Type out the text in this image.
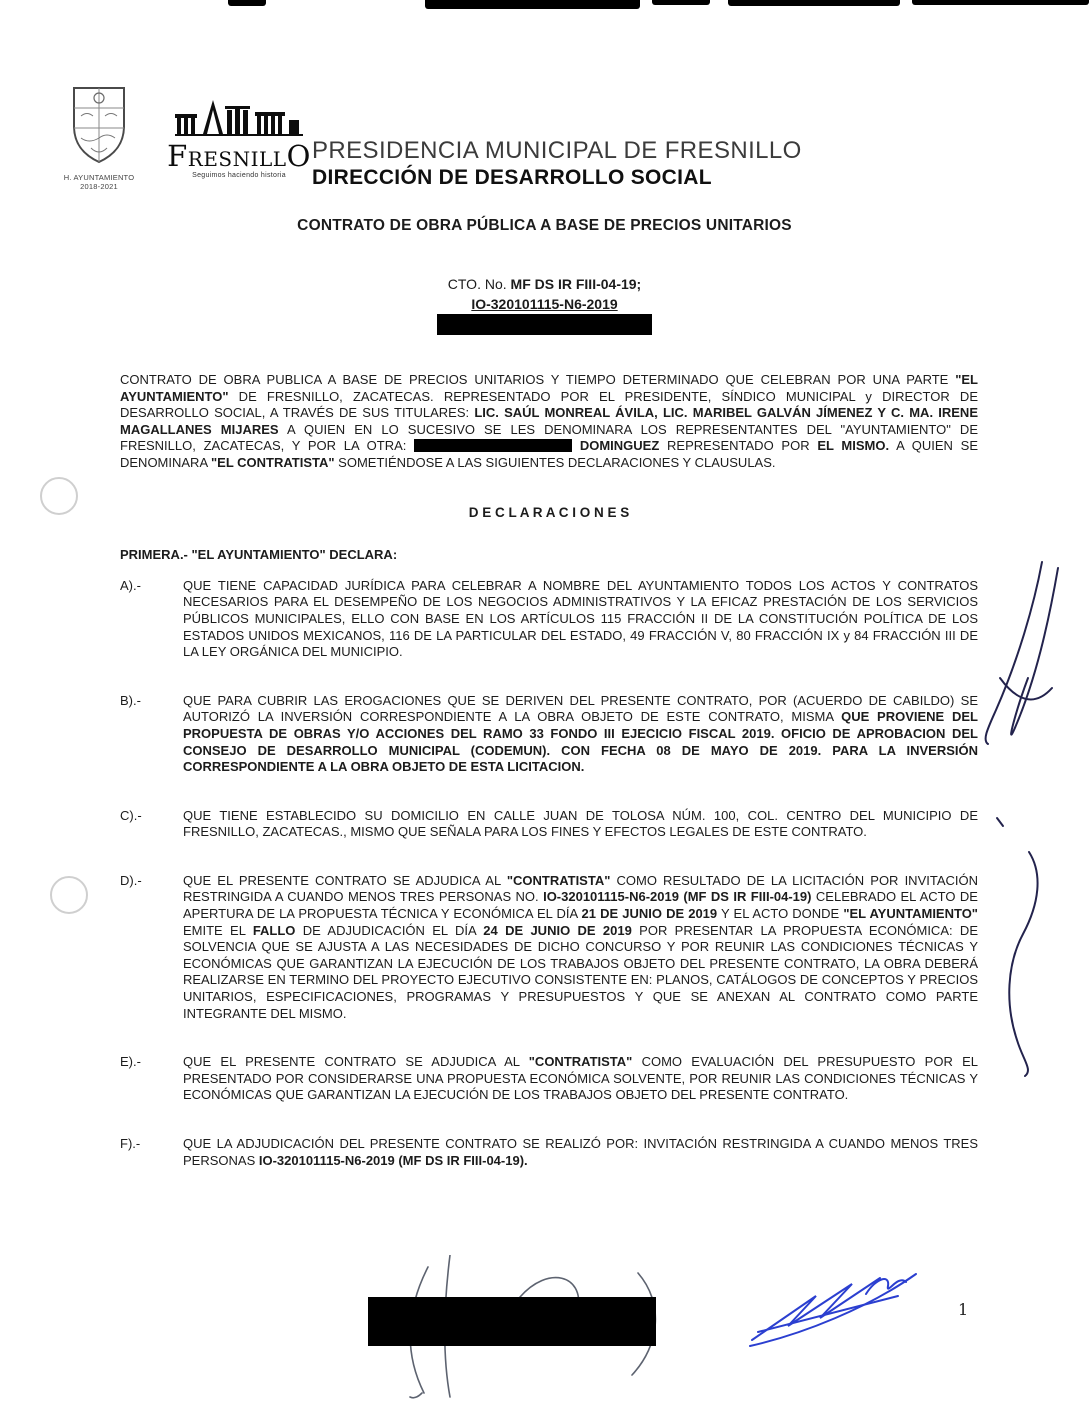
H. AYUNTAMIENTO
2018-2021
FresnillO
Seguimos haciendo historia
PRESIDENCIA MUNICIPAL DE FRESNILLO
DIRECCIÓN DE DESARROLLO SOCIAL
CONTRATO DE OBRA PÚBLICA A BASE DE PRECIOS UNITARIOS
CTO. No. MF DS IR FIII-04-19;
IO-320101115-N6-2019

CONTRATO DE OBRA PUBLICA A BASE DE PRECIOS UNITARIOS Y TIEMPO DETERMINADO QUE CELEBRAN POR UNA PARTE "EL AYUNTAMIENTO" DE FRESNILLO, ZACATECAS. REPRESENTADO POR EL PRESIDENTE, SÍNDICO MUNICIPAL y DIRECTOR DE DESARROLLO SOCIAL, A TRAVÉS DE SUS TITULARES: LIC. SAÚL MONREAL ÁVILA, LIC. MARIBEL GALVÁN JÍMENEZ Y C. MA. IRENE MAGALLANES MIJARES A QUIEN EN LO SUCESIVO SE LES DENOMINARA LOS REPRESENTANTES DEL "AYUNTAMIENTO" DE FRESNILLO, ZACATECAS, Y POR LA OTRA:	DOMINGUEZ REPRESENTADO POR EL MISMO. A QUIEN SE DENOMINARA "EL CONTRATISTA" SOMETIÉNDOSE A LAS SIGUIENTES DECLARACIONES Y CLAUSULAS.

D E C L A R A C I O N E S
PRIMERA.- "EL AYUNTAMIENTO" DECLARA:
A).-	QUE TIENE CAPACIDAD JURÍDICA PARA CELEBRAR A NOMBRE DEL AYUNTAMIENTO TODOS LOS ACTOS Y CONTRATOS NECESARIOS PARA EL DESEMPEÑO DE LOS NEGOCIOS ADMINISTRATIVOS Y LA EFICAZ PRESTACIÓN DE LOS SERVICIOS PÚBLICOS MUNICIPALES, ELLO CON BASE EN LOS ARTÍCULOS 115 FRACCIÓN II DE LA CONSTITUCIÓN POLÍTICA DE LOS ESTADOS UNIDOS MEXICANOS, 116 DE LA PARTICULAR DEL ESTADO, 49 FRACCIÓN V, 80 FRACCIÓN IX y 84 FRACCIÓN III DE LA LEY ORGÁNICA DEL MUNICIPIO.
B).-	QUE PARA CUBRIR LAS EROGACIONES QUE SE DERIVEN DEL PRESENTE CONTRATO, POR (ACUERDO DE CABILDO) SE AUTORIZÓ LA INVERSIÓN CORRESPONDIENTE A LA OBRA OBJETO DE ESTE CONTRATO, MISMA QUE PROVIENE DEL PROPUESTA DE OBRAS Y/O ACCIONES DEL RAMO 33 FONDO III EJECICIO FISCAL 2019. OFICIO DE APROBACION DEL CONSEJO DE DESARROLLO MUNICIPAL (CODEMUN). CON FECHA 08 DE MAYO DE 2019. PARA LA INVERSIÓN CORRESPONDIENTE A LA OBRA OBJETO DE ESTA LICITACION.
C).-	QUE TIENE ESTABLECIDO SU DOMICILIO EN CALLE JUAN DE TOLOSA NÚM. 100, COL. CENTRO DEL MUNICIPIO DE FRESNILLO, ZACATECAS., MISMO QUE SEÑALA PARA LOS FINES Y EFECTOS LEGALES DE ESTE CONTRATO.
D).-	QUE EL PRESENTE CONTRATO SE ADJUDICA AL "CONTRATISTA" COMO RESULTADO DE LA LICITACIÓN POR INVITACIÓN RESTRINGIDA A CUANDO MENOS TRES PERSONAS NO. IO-320101115-N6-2019 (MF DS IR FIII-04-19) CELEBRADO EL ACTO DE APERTURA DE LA PROPUESTA TÉCNICA Y ECONÓMICA EL DÍA 21 DE JUNIO DE 2019 Y EL ACTO DONDE "EL AYUNTAMIENTO" EMITE EL FALLO DE ADJUDICACIÓN EL DÍA 24 DE JUNIO DE 2019 POR PRESENTAR LA PROPUESTA ECONÓMICA: DE SOLVENCIA QUE SE AJUSTA A LAS NECESIDADES DE DICHO CONCURSO Y POR REUNIR LAS CONDICIONES TÉCNICAS Y ECONÓMICAS QUE GARANTIZAN LA EJECUCIÓN DE LOS TRABAJOS OBJETO DEL PRESENTE CONTRATO, LA OBRA DEBERÁ REALIZARSE EN TERMINO DEL PROYECTO EJECUTIVO CONSISTENTE EN: PLANOS, CATÁLOGOS DE CONCEPTOS Y PRECIOS UNITARIOS, ESPECIFICACIONES, PROGRAMAS Y PRESUPUESTOS Y QUE SE ANEXAN AL CONTRATO COMO PARTE INTEGRANTE DEL MISMO.
E).-	QUE EL PRESENTE CONTRATO SE ADJUDICA AL "CONTRATISTA" COMO EVALUACIÓN DEL PRESUPUESTO POR EL PRESENTADO POR CONSIDERARSE UNA PROPUESTA ECONÓMICA SOLVENTE, POR REUNIR LAS CONDICIONES TÉCNICAS Y ECONÓMICAS QUE GARANTIZAN LA EJECUCIÓN DE LOS TRABAJOS OBJETO DEL PRESENTE CONTRATO.
F).-	QUE LA ADJUDICACIÓN DEL PRESENTE CONTRATO SE REALIZÓ POR: INVITACIÓN RESTRINGIDA A CUANDO MENOS TRES PERSONAS IO-320101115-N6-2019 (MF DS IR FIII-04-19).
1
